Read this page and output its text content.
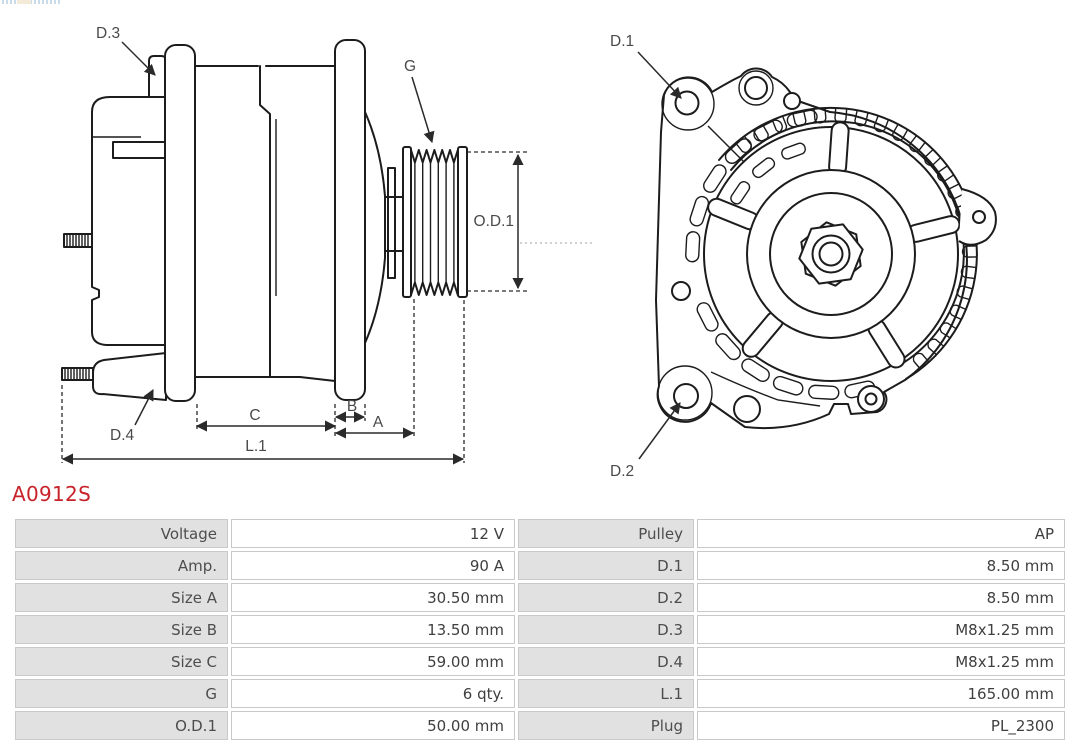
D.3
D.4
G
O.D.1
C
B
A
L.1
D.1
D.2
A0912S
Voltage	12 V	Pulley	AP
Amp.	90 A	D.1	8.50 mm
Size A	30.50 mm	D.2	8.50 mm
Size B	13.50 mm	D.3	M8x1.25 mm
Size C	59.00 mm	D.4	M8x1.25 mm
G	6 qty.	L.1	165.00 mm
O.D.1	50.00 mm	Plug	PL_2300
